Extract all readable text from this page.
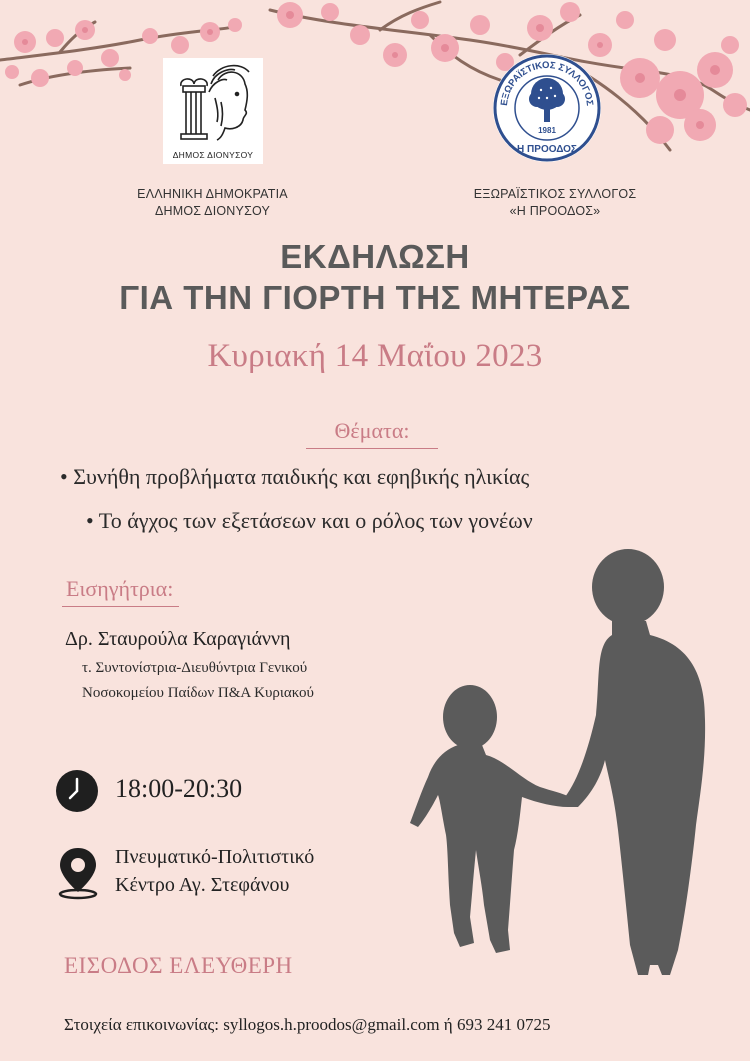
ΔΗΜΟΣ ΔΙΟΝΥΣΟΥ
ΕΞΩΡΑΪΣΤΙΚΟΣ ΣΥΛΛΟΓΟΣ
1981
Η ΠΡΟΟΔΟΣ
ΕΛΛΗΝΙΚΗ ΔΗΜΟΚΡΑΤΙΑ
ΔΗΜΟΣ ΔΙΟΝΥΣΟΥ
ΕΞΩΡΑΪΣΤΙΚΟΣ ΣΥΛΛΟΓΟΣ
«Η ΠΡΟΟΔΟΣ»
ΕΚΔΗΛΩΣΗ
ΓΙΑ ΤΗΝ ΓΙΟΡΤΗ ΤΗΣ ΜΗΤΕΡΑΣ
Κυριακή 14 Μαΐου 2023
Θέματα:
• Συνήθη προβλήματα παιδικής και εφηβικής ηλικίας
• Το άγχος των εξετάσεων και ο ρόλος των γονέων
Εισηγήτρια:
Δρ. Σταυρούλα Καραγιάννη
τ. Συντονίστρια-Διευθύντρια Γενικού
Νοσοκομείου Παίδων Π&Α Κυριακού
18:00-20:30
Πνευματικό-Πολιτιστικό
Κέντρο Αγ. Στεφάνου
ΕΙΣΟΔΟΣ ΕΛΕΥΘΕΡΗ
Στοιχεία επικοινωνίας: syllogos.h.proodos@gmail.com ή 693 241 0725
